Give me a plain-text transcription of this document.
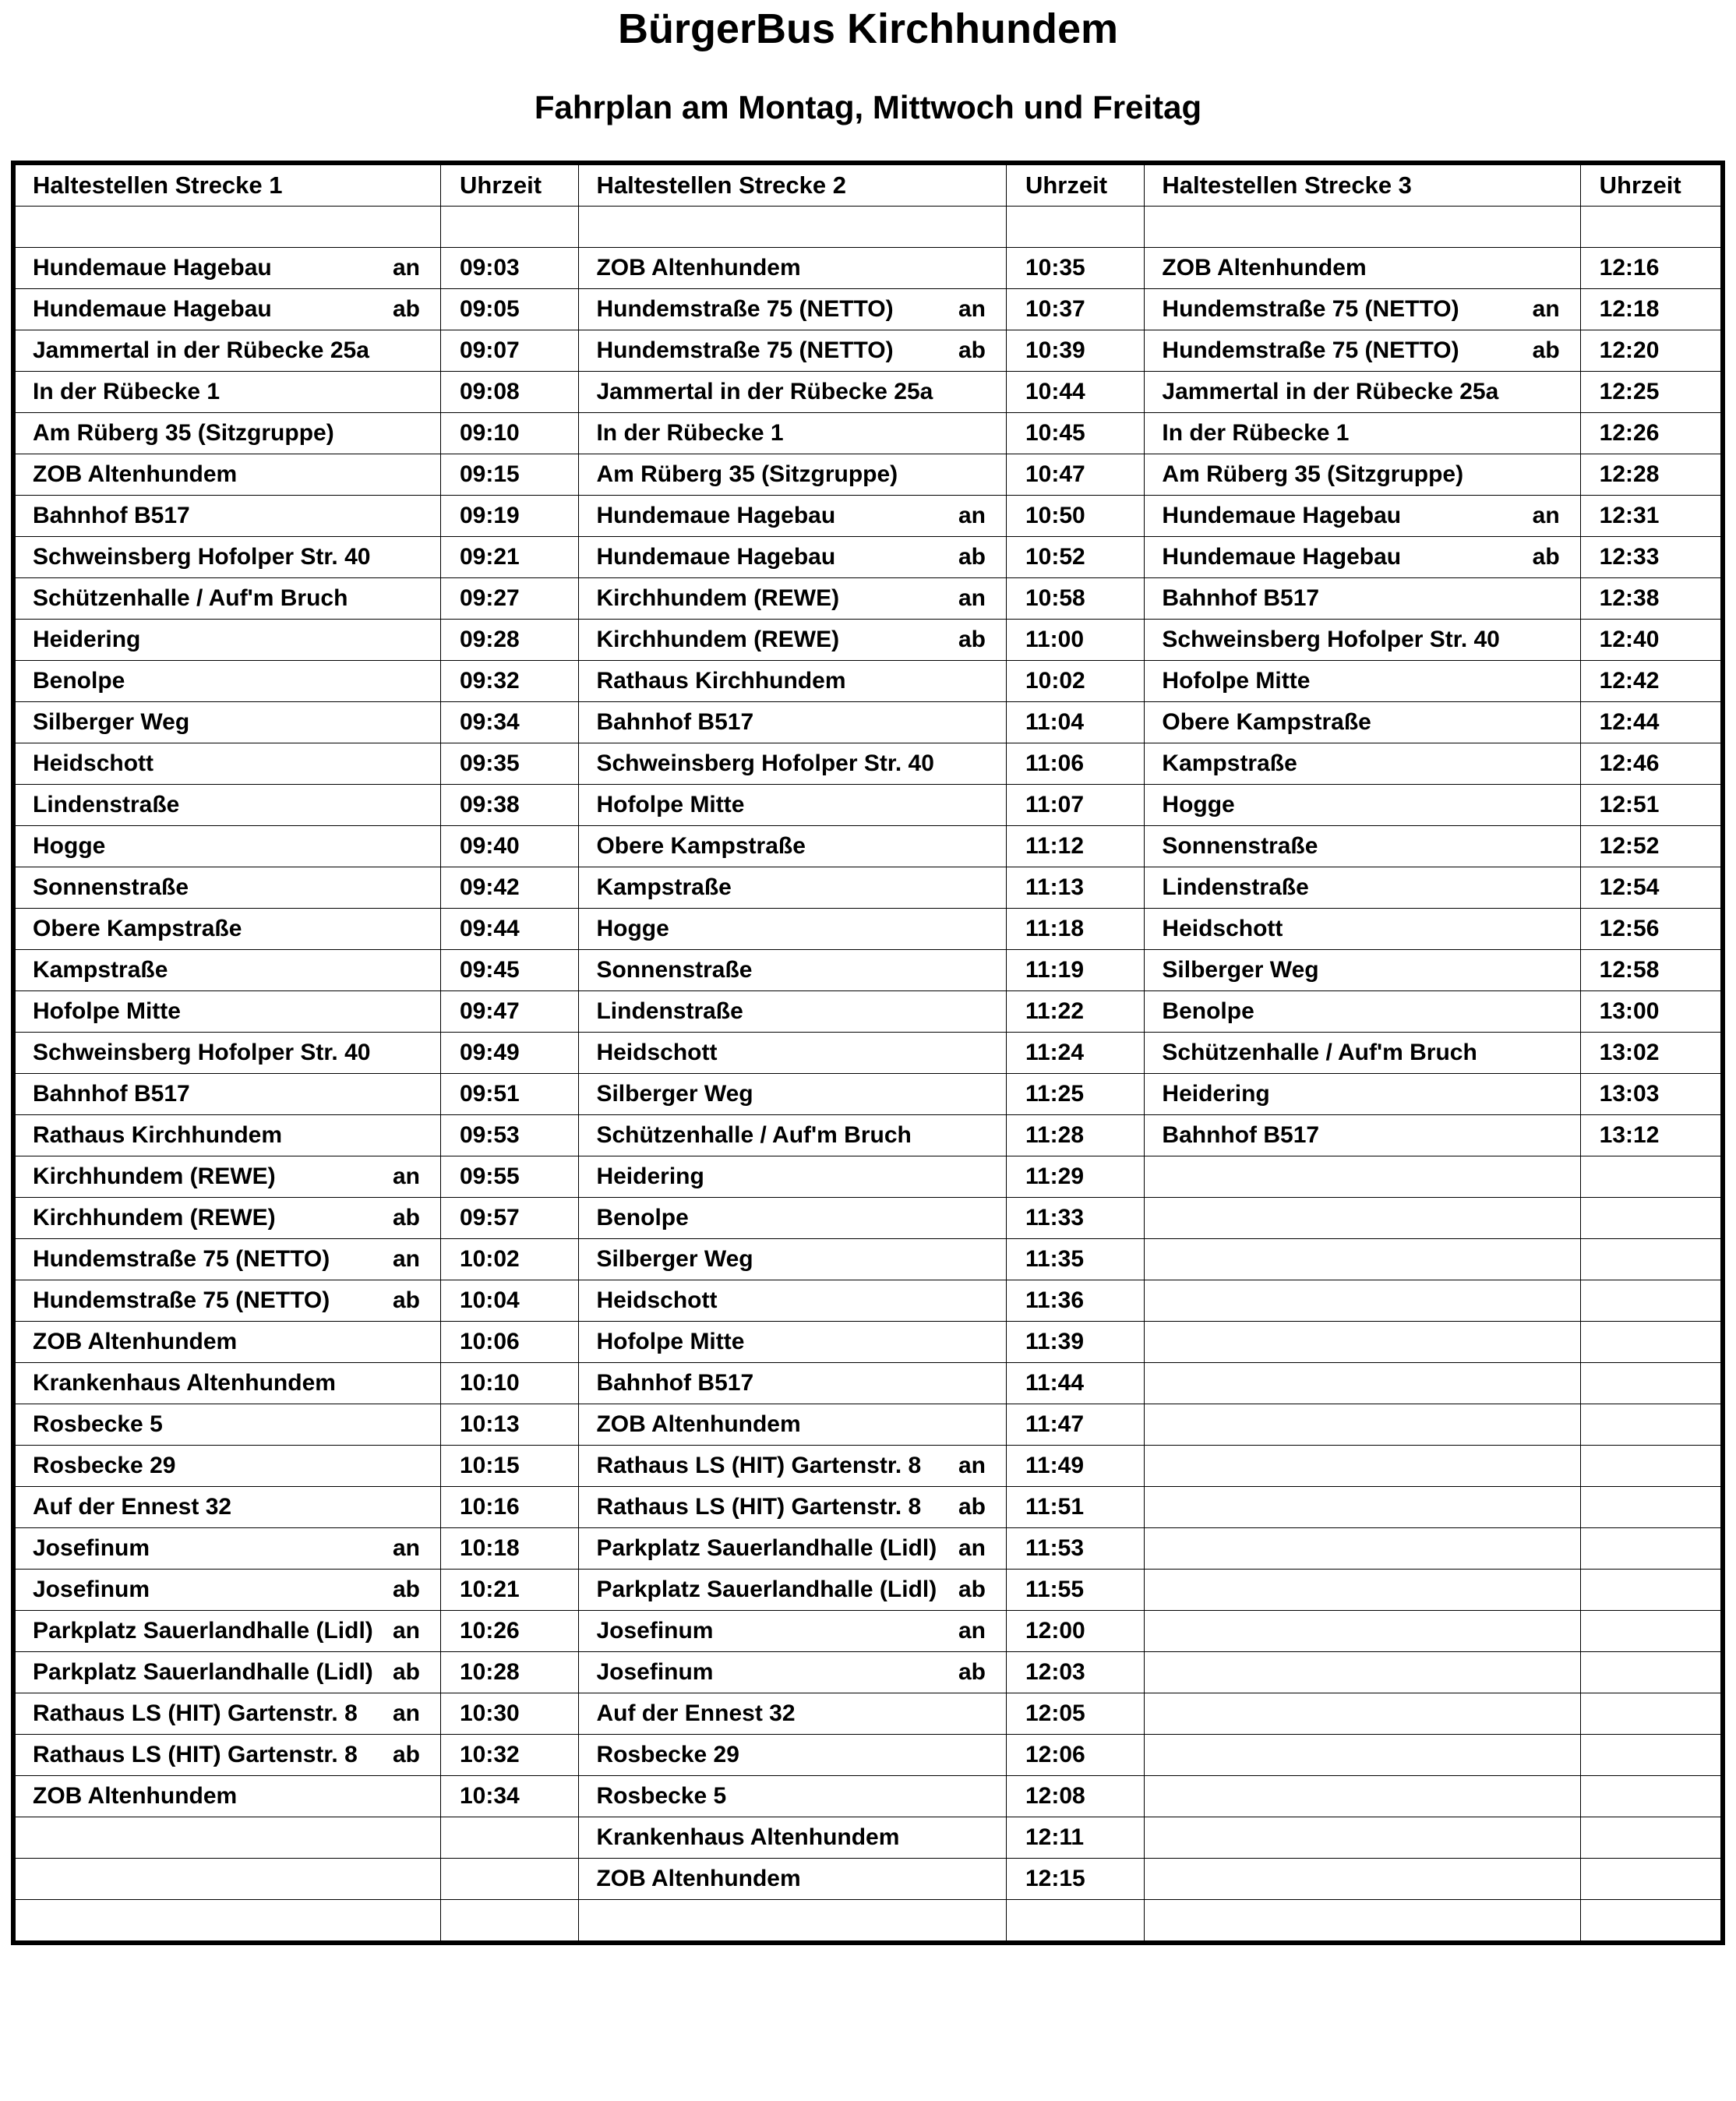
BürgerBus Kirchhundem
Fahrplan am Montag, Mittwoch und Freitag
Haltestellen Strecke 1	Uhrzeit	Haltestellen Strecke 2	Uhrzeit	Haltestellen Strecke 3	Uhrzeit

Hundemaue Hagebau an	09:03	ZOB Altenhundem	10:35	ZOB Altenhundem	12:16

Hundemaue Hagebau ab	09:05	Hundemstraße 75 (NETTO) an	10:37	Hundemstraße 75 (NETTO) an	12:18

Jammertal in der Rübecke 25a	09:07	Hundemstraße 75 (NETTO) ab	10:39	Hundemstraße 75 (NETTO) ab	12:20

In der Rübecke 1	09:08	Jammertal in der Rübecke 25a	10:44	Jammertal in der Rübecke 25a	12:25

Am Rüberg 35 (Sitzgruppe)	09:10	In der Rübecke 1	10:45	In der Rübecke 1	12:26

ZOB Altenhundem	09:15	Am Rüberg 35 (Sitzgruppe)	10:47	Am Rüberg 35 (Sitzgruppe)	12:28

Bahnhof B517	09:19	Hundemaue Hagebau an	10:50	Hundemaue Hagebau an	12:31

Schweinsberg Hofolper Str. 40	09:21	Hundemaue Hagebau ab	10:52	Hundemaue Hagebau ab	12:33

Schützenhalle / Auf'm Bruch	09:27	Kirchhundem (REWE) an	10:58	Bahnhof B517	12:38

Heidering	09:28	Kirchhundem (REWE) ab	11:00	Schweinsberg Hofolper Str. 40	12:40

Benolpe	09:32	Rathaus Kirchhundem	10:02	Hofolpe Mitte	12:42

Silberger Weg	09:34	Bahnhof B517	11:04	Obere Kampstraße	12:44

Heidschott	09:35	Schweinsberg Hofolper Str. 40	11:06	Kampstraße	12:46

Lindenstraße	09:38	Hofolpe Mitte	11:07	Hogge	12:51

Hogge	09:40	Obere Kampstraße	11:12	Sonnenstraße	12:52

Sonnenstraße	09:42	Kampstraße	11:13	Lindenstraße	12:54

Obere Kampstraße	09:44	Hogge	11:18	Heidschott	12:56

Kampstraße	09:45	Sonnenstraße	11:19	Silberger Weg	12:58

Hofolpe Mitte	09:47	Lindenstraße	11:22	Benolpe	13:00

Schweinsberg Hofolper Str. 40	09:49	Heidschott	11:24	Schützenhalle / Auf'm Bruch	13:02

Bahnhof B517	09:51	Silberger Weg	11:25	Heidering	13:03

Rathaus Kirchhundem	09:53	Schützenhalle / Auf'm Bruch	11:28	Bahnhof B517	13:12

Kirchhundem (REWE) an	09:55	Heidering	11:29		

Kirchhundem (REWE) ab	09:57	Benolpe	11:33		

Hundemstraße 75 (NETTO) an	10:02	Silberger Weg	11:35		

Hundemstraße 75 (NETTO) ab	10:04	Heidschott	11:36		

ZOB Altenhundem	10:06	Hofolpe Mitte	11:39		

Krankenhaus Altenhundem	10:10	Bahnhof B517	11:44		

Rosbecke 5	10:13	ZOB Altenhundem	11:47		

Rosbecke 29	10:15	Rathaus LS (HIT) Gartenstr. 8 an	11:49		

Auf der Ennest 32	10:16	Rathaus LS (HIT) Gartenstr. 8 ab	11:51		

Josefinum an	10:18	Parkplatz Sauerlandhalle (Lidl) an	11:53		

Josefinum ab	10:21	Parkplatz Sauerlandhalle (Lidl) ab	11:55		

Parkplatz Sauerlandhalle (Lidl) an	10:26	Josefinum an	12:00		

Parkplatz Sauerlandhalle (Lidl) ab	10:28	Josefinum ab	12:03		

Rathaus LS (HIT) Gartenstr. 8 an	10:30	Auf der Ennest 32	12:05		

Rathaus LS (HIT) Gartenstr. 8 ab	10:32	Rosbecke 29	12:06		

ZOB Altenhundem	10:34	Rosbecke 5	12:08		

		Krankenhaus Altenhundem	12:11		

		ZOB Altenhundem	12:15		
